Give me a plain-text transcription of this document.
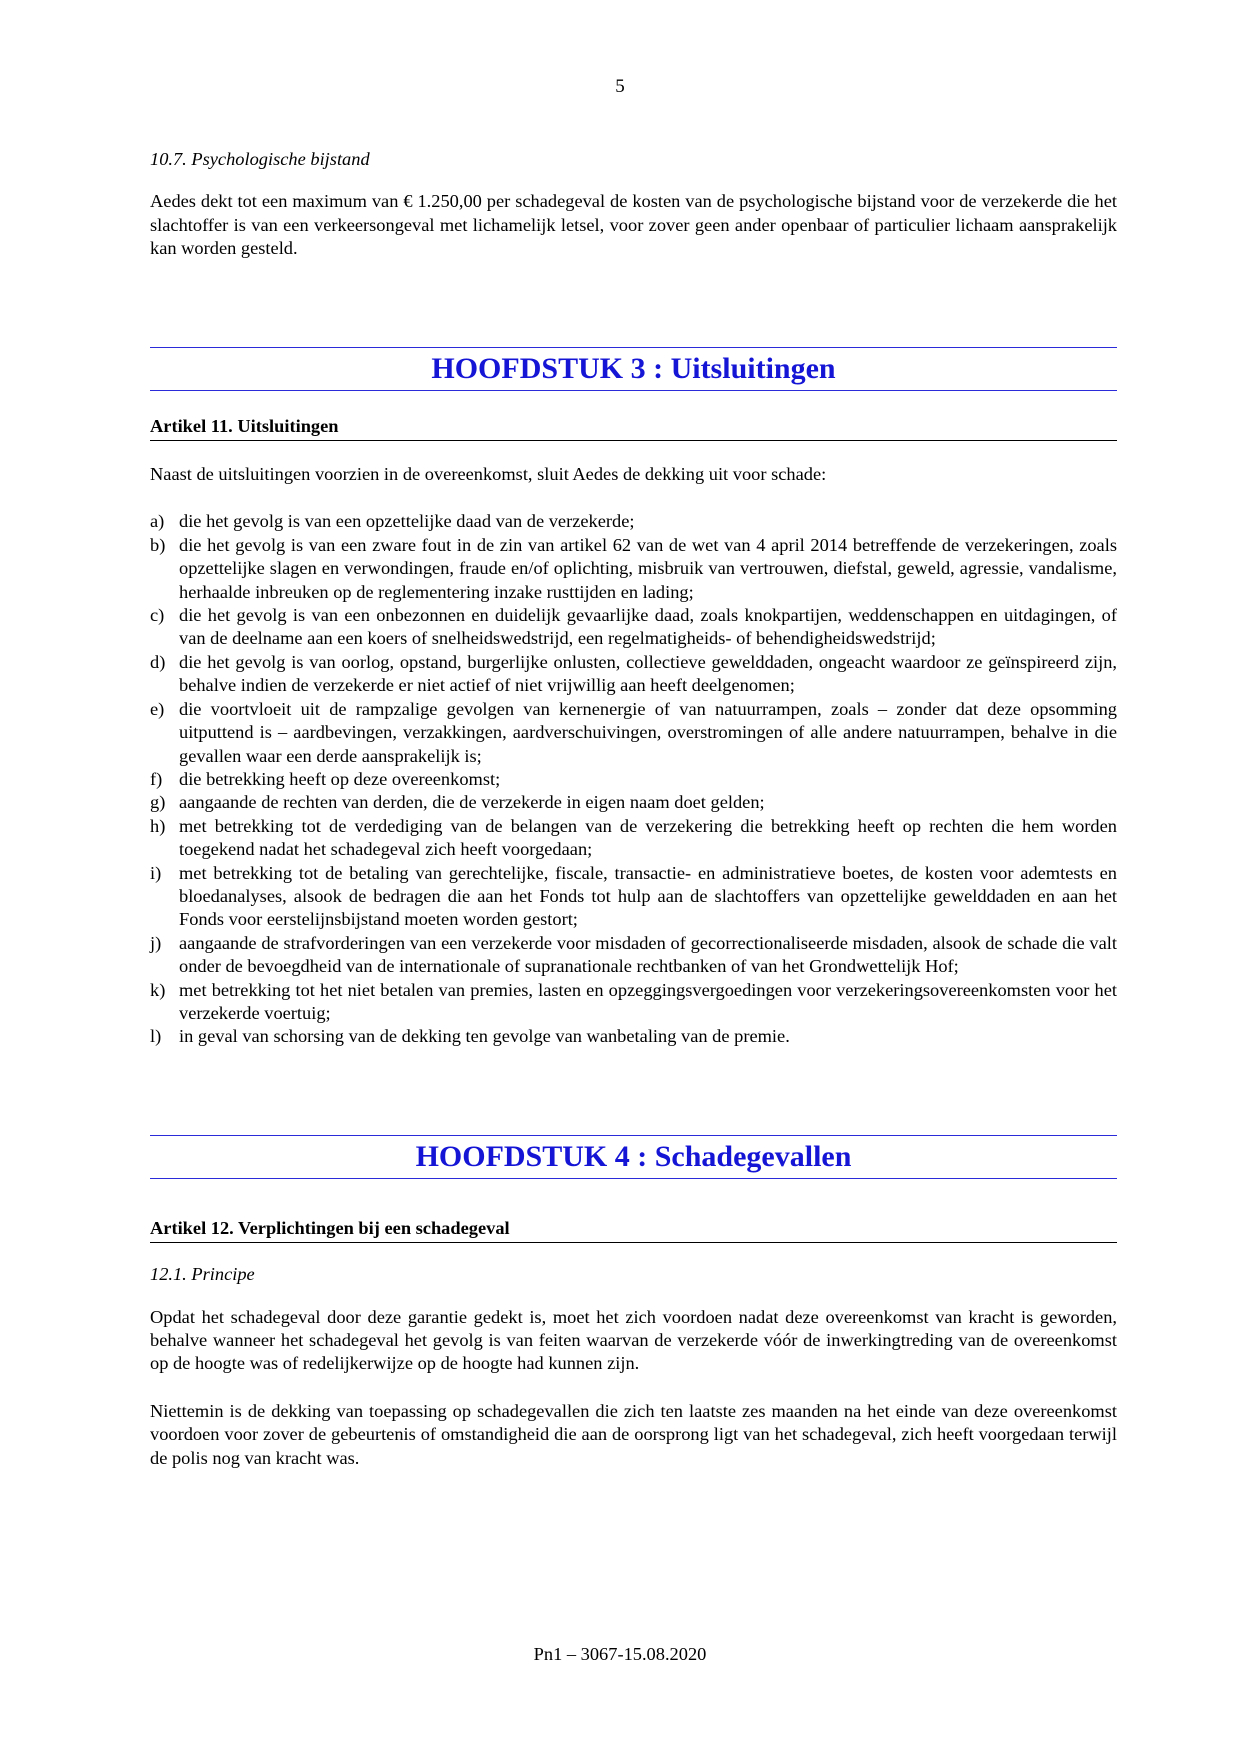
5

10.7. Psychologische bijstand

Aedes dekt tot een maximum van € 1.250,00 per schadegeval de kosten van de psychologische bijstand voor de verzekerde die het slachtoffer is van een verkeersongeval met lichamelijk letsel, voor zover geen ander openbaar of particulier lichaam aansprakelijk kan worden gesteld.

HOOFDSTUK 3 : Uitsluitingen

Artikel 11. Uitsluitingen

Naast de uitsluitingen voorzien in de overeenkomst, sluit Aedes de dekking uit voor schade:

a) die het gevolg is van een opzettelijke daad van de verzekerde;
b) die het gevolg is van een zware fout in de zin van artikel 62 van de wet van 4 april 2014 betreffende de verzekeringen, zoals opzettelijke slagen en verwondingen, fraude en/of oplichting, misbruik van vertrouwen, diefstal, geweld, agressie, vandalisme, herhaalde inbreuken op de reglementering inzake rusttijden en lading;
c) die het gevolg is van een onbezonnen en duidelijk gevaarlijke daad, zoals knokpartijen, weddenschappen en uitdagingen, of van de deelname aan een koers of snelheidswedstrijd, een regelmatigheids- of behendigheidswedstrijd;
d) die het gevolg is van oorlog, opstand, burgerlijke onlusten, collectieve gewelddaden, ongeacht waardoor ze geïnspireerd zijn, behalve indien de verzekerde er niet actief of niet vrijwillig aan heeft deelgenomen;
e) die voortvloeit uit de rampzalige gevolgen van kernenergie of van natuurrampen, zoals – zonder dat deze opsomming uitputtend is – aardbevingen, verzakkingen, aardverschuivingen, overstromingen of alle andere natuurrampen, behalve in die gevallen waar een derde aansprakelijk is;
f) die betrekking heeft op deze overeenkomst;
g) aangaande de rechten van derden, die de verzekerde in eigen naam doet gelden;
h) met betrekking tot de verdediging van de belangen van de verzekering die betrekking heeft op rechten die hem worden toegekend nadat het schadegeval zich heeft voorgedaan;
i) met betrekking tot de betaling van gerechtelijke, fiscale, transactie- en administratieve boetes, de kosten voor ademtests en bloedanalyses, alsook de bedragen die aan het Fonds tot hulp aan de slachtoffers van opzettelijke gewelddaden en aan het Fonds voor eerstelijnsbijstand moeten worden gestort;
j) aangaande de strafvorderingen van een verzekerde voor misdaden of gecorrectionaliseerde misdaden, alsook de schade die valt onder de bevoegdheid van de internationale of supranationale rechtbanken of van het Grondwettelijk Hof;
k) met betrekking tot het niet betalen van premies, lasten en opzeggingsvergoedingen voor verzekeringsovereenkomsten voor het verzekerde voertuig;
l) in geval van schorsing van de dekking ten gevolge van wanbetaling van de premie.
HOOFDSTUK 4 : Schadegevallen

Artikel 12. Verplichtingen bij een schadegeval

12.1. Principe

Opdat het schadegeval door deze garantie gedekt is, moet het zich voordoen nadat deze overeenkomst van kracht is geworden, behalve wanneer het schadegeval het gevolg is van feiten waarvan de verzekerde vóór de inwerkingtreding van de overeenkomst op de hoogte was of redelijkerwijze op de hoogte had kunnen zijn.

Niettemin is de dekking van toepassing op schadegevallen die zich ten laatste zes maanden na het einde van deze overeenkomst voordoen voor zover de gebeurtenis of omstandigheid die aan de oorsprong ligt van het schadegeval, zich heeft voorgedaan terwijl de polis nog van kracht was.

Pn1 – 3067-15.08.2020
